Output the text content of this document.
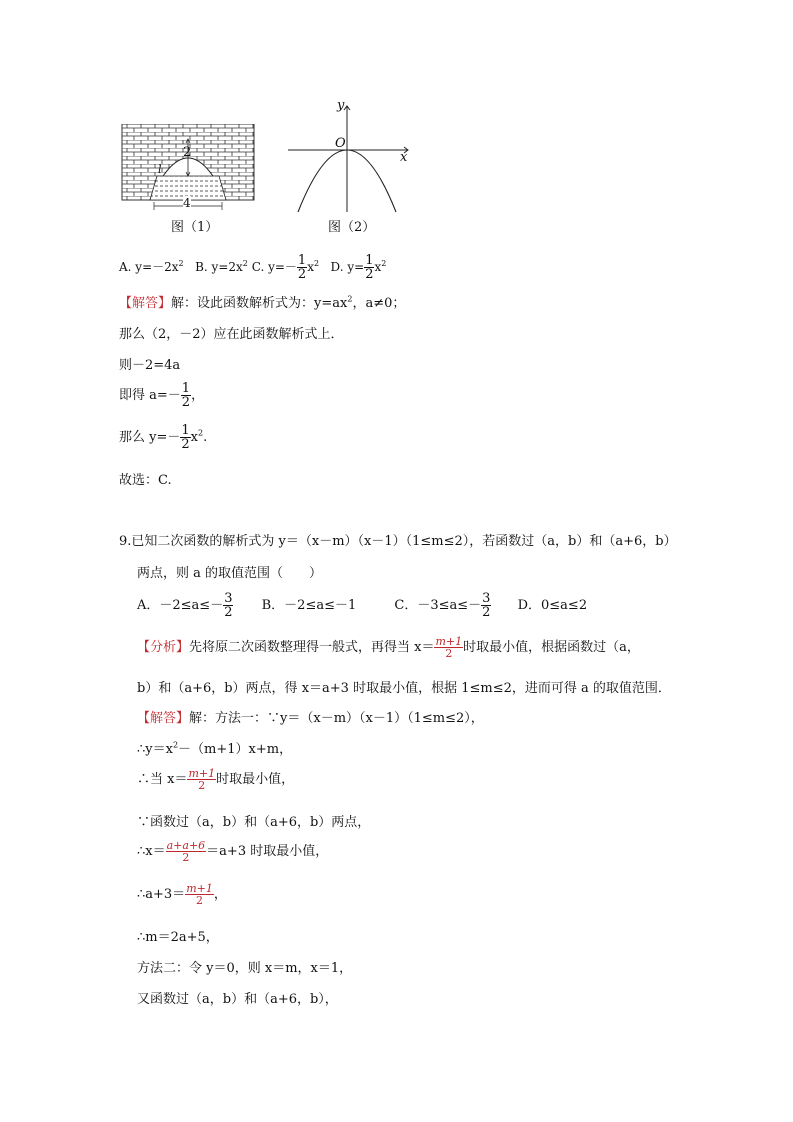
2
l
4
图（1）
y
O
x
图（2）
A. $y=-2x^2$ B. $y=2x^2$ C. $y=- \frac{1}{2} x^2$ D. $y= \frac{1}{2} x^2$
【解答】解：设此函数解析式为：$y=ax^2$，a≠0；
那么（2，－2）应在此函数解析式上．
则－2=4a
即得 $a=- \frac{1}{2}$ ，
那么 $y=- \frac{1}{2} x^2$.
故选：C.
9.已知二次函数的解析式为 y＝（x－m）（x－1）（1≤m≤2），若函数过（a，b）和（a+6，b）
两点，则 a 的取值范围（　　）
A．$-2\le a\le- \frac{3}{2}$ B．－2≤a≤－1	C．$-3\le a\le- \frac{3}{2}$ D．0≤a≤2
【分析】先将原二次函数整理得一般式，再得当 $x= \frac{m+1}{2}$ 时取最小值，根据函数过（a，
b）和（a+6，b）两点，得 x＝a+3 时取最小值，根据 1≤m≤2，进而可得 a 的取值范围．
【解答】解：方法一：∵y＝（x－m）（x－1）（1≤m≤2），
$\therefore y=x^2-(m+1)x+m$，
∴当 $x= \frac{m+1}{2}$ 时取最小值，
∵函数过（a，b）和（a+6，b）两点，
∴x＝ $\frac{a+a+6}{2} =a+3$ 时取最小值，
∴a+3＝ $\frac{m+1}{2}$ ，
∴m＝2a+5，
方法二：令 y＝0，则 x＝m，x＝1，
又函数过（a，b）和（a+6，b），
